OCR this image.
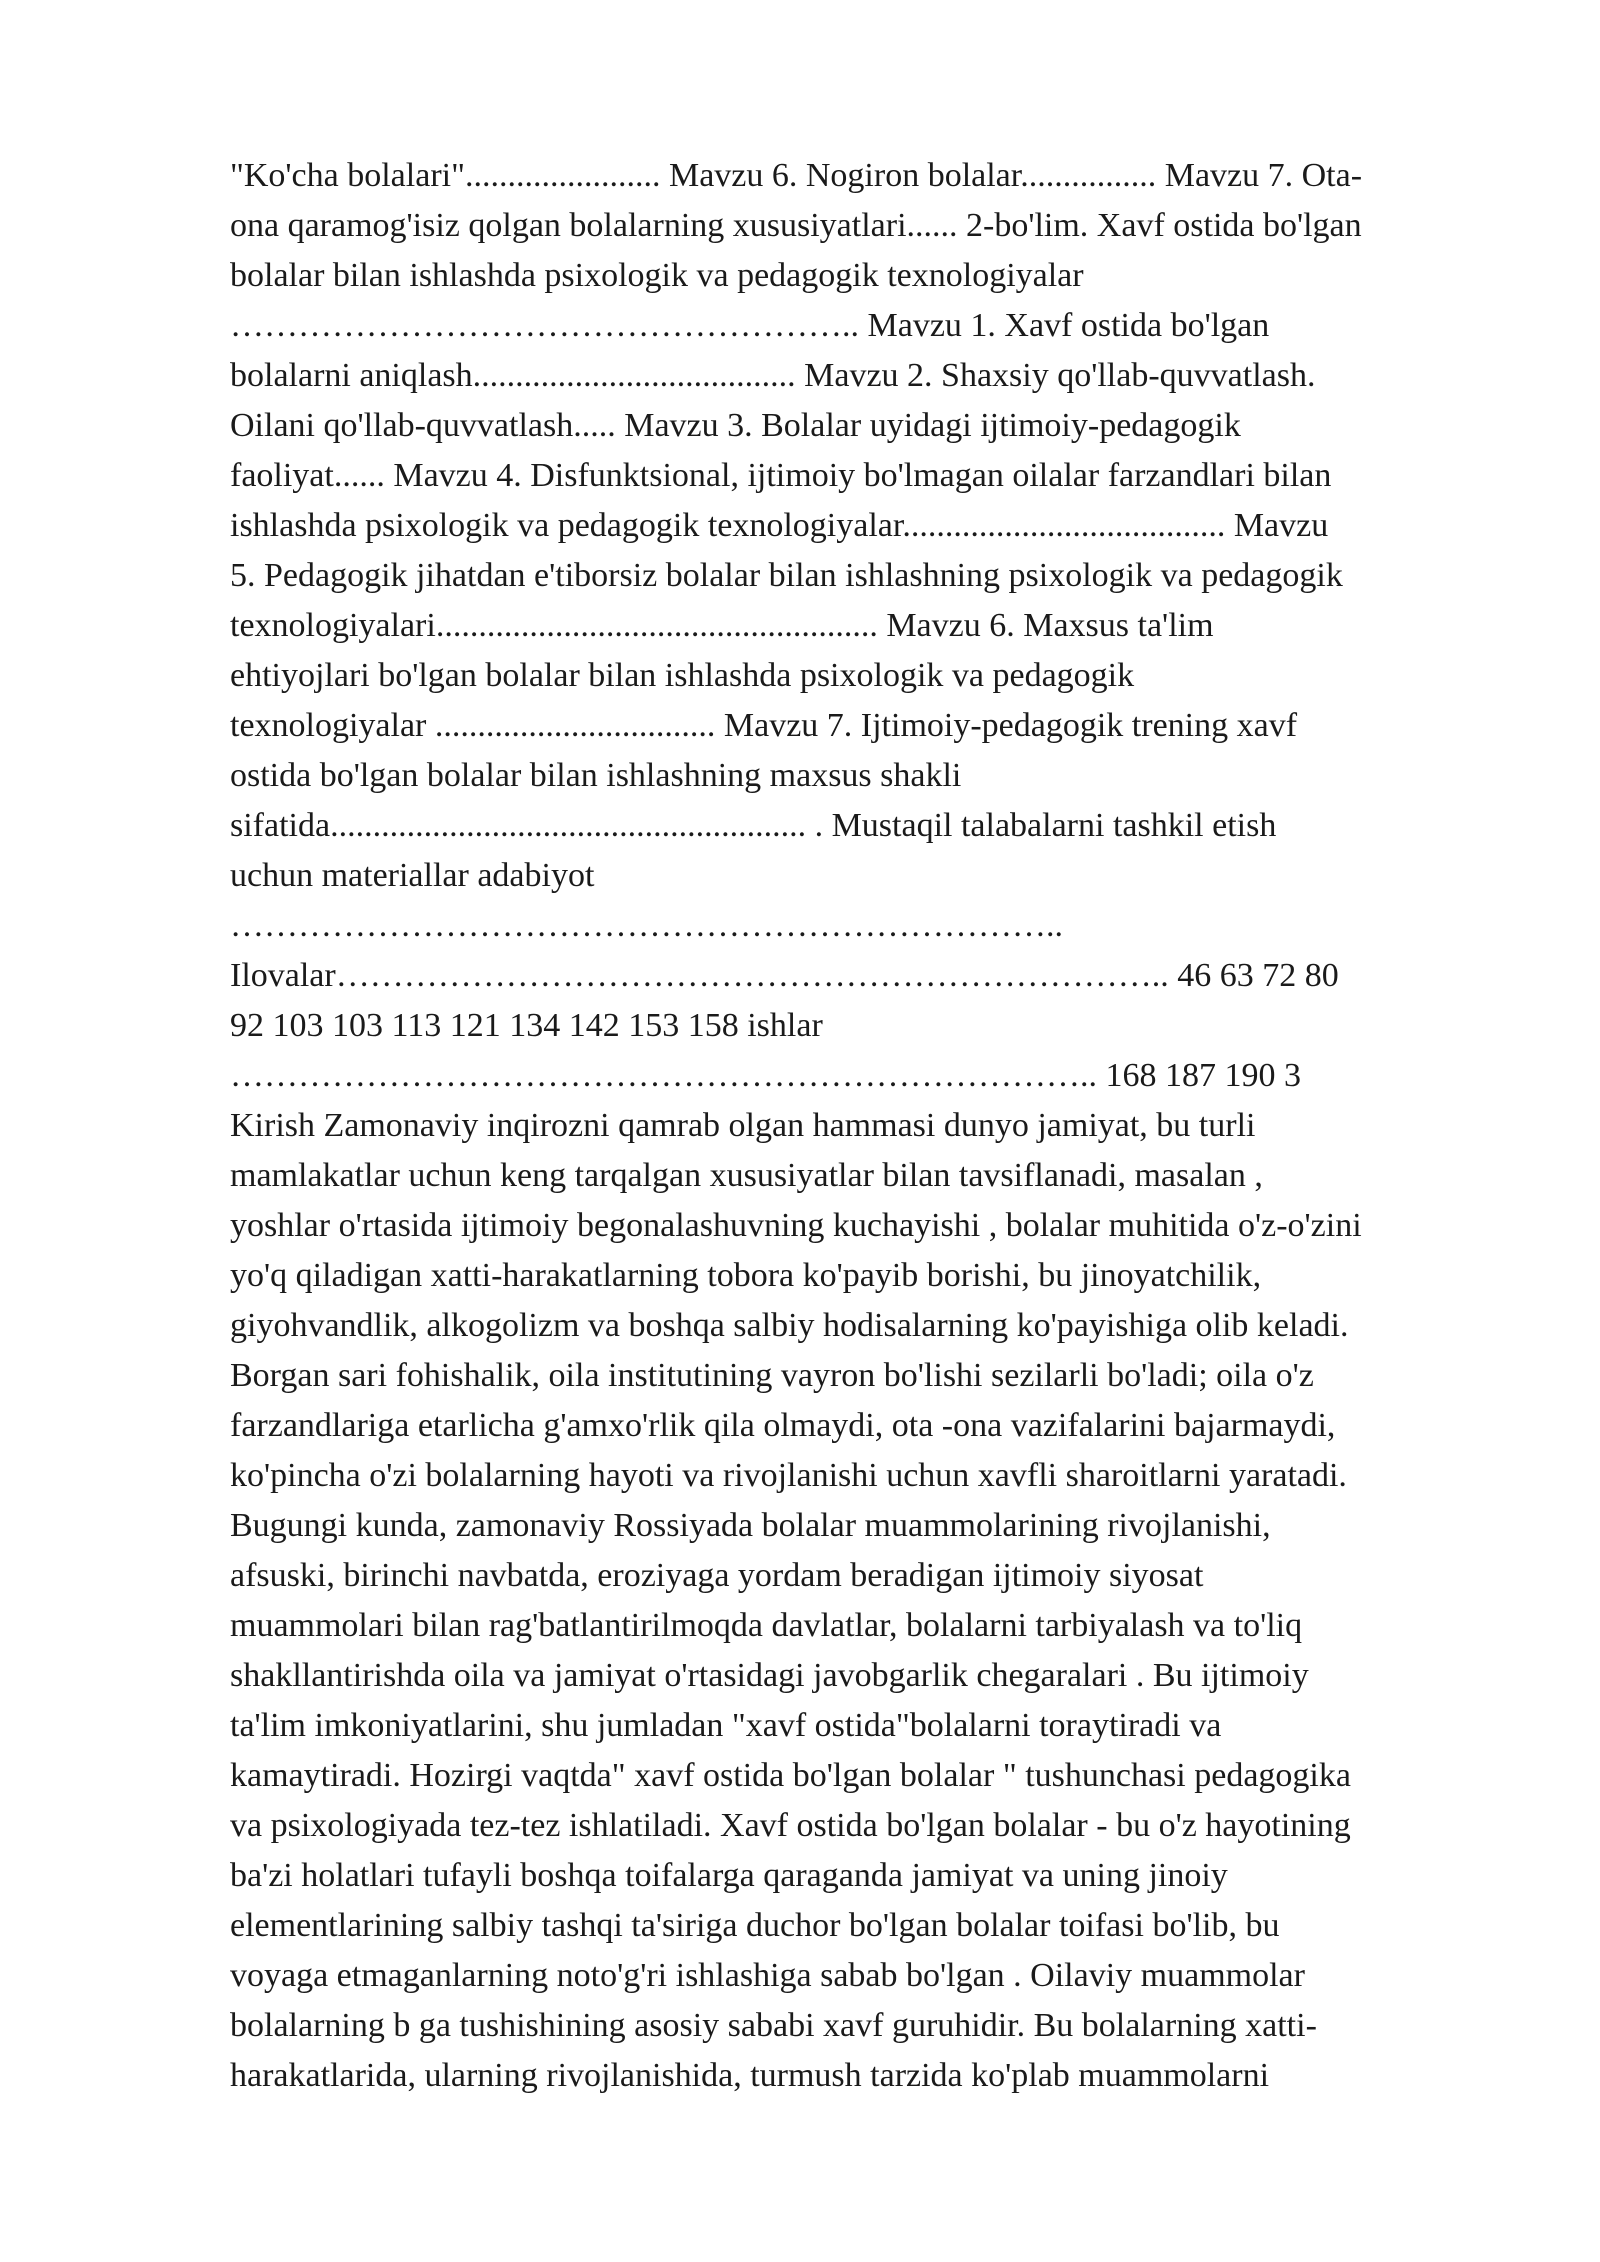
"Ko'cha bolalari"....................... Mavzu 6. Nogiron bolalar................ Mavzu 7. Ota-
ona qaramog'isiz qolgan bolalarning xususiyatlari...... 2-bo'lim. Xavf ostida bo'lgan
bolalar bilan ishlashda psixologik va pedagogik texnologiyalar
……………………………………………….. Mavzu 1. Xavf ostida bo'lgan
bolalarni aniqlash...................................... Mavzu 2. Shaxsiy qo'llab-quvvatlash.
Oilani qo'llab-quvvatlash..... Mavzu 3. Bolalar uyidagi ijtimoiy-pedagogik
faoliyat...... Mavzu 4. Disfunktsional, ijtimoiy bo'lmagan oilalar farzandlari bilan
ishlashda psixologik va pedagogik texnologiyalar...................................... Mavzu
5. Pedagogik jihatdan e'tiborsiz bolalar bilan ishlashning psixologik va pedagogik
texnologiyalari.................................................... Mavzu 6. Maxsus ta'lim
ehtiyojlari bo'lgan bolalar bilan ishlashda psixologik va pedagogik
texnologiyalar ................................. Mavzu 7. Ijtimoiy-pedagogik trening xavf
ostida bo'lgan bolalar bilan ishlashning maxsus shakli
sifatida........................................................ . Mustaqil talabalarni tashkil etish
uchun materiallar adabiyot
………………………………………………………………..
Ilovalar……………………………………………………………….. 46 63 72 80
92 103 103 113 121 134 142 153 158 ishlar
………………………………………………………………….. 168 187 190 3
Kirish Zamonaviy inqirozni qamrab olgan hammasi dunyo jamiyat, bu turli
mamlakatlar uchun keng tarqalgan xususiyatlar bilan tavsiflanadi, masalan ,
yoshlar o'rtasida ijtimoiy begonalashuvning kuchayishi , bolalar muhitida o'z-o'zini
yo'q qiladigan xatti-harakatlarning tobora ko'payib borishi, bu jinoyatchilik,
giyohvandlik, alkogolizm va boshqa salbiy hodisalarning ko'payishiga olib keladi.
Borgan sari fohishalik, oila institutining vayron bo'lishi sezilarli bo'ladi; oila o'z
farzandlariga etarlicha g'amxo'rlik qila olmaydi, ota -ona vazifalarini bajarmaydi,
ko'pincha o'zi bolalarning hayoti va rivojlanishi uchun xavfli sharoitlarni yaratadi.
Bugungi kunda, zamonaviy Rossiyada bolalar muammolarining rivojlanishi,
afsuski, birinchi navbatda, eroziyaga yordam beradigan ijtimoiy siyosat
muammolari bilan rag'batlantirilmoqda davlatlar, bolalarni tarbiyalash va to'liq
shakllantirishda oila va jamiyat o'rtasidagi javobgarlik chegaralari . Bu ijtimoiy
ta'lim imkoniyatlarini, shu jumladan "xavf ostida"bolalarni toraytiradi va
kamaytiradi. Hozirgi vaqtda" xavf ostida bo'lgan bolalar " tushunchasi pedagogika
va psixologiyada tez-tez ishlatiladi. Xavf ostida bo'lgan bolalar - bu o'z hayotining
ba'zi holatlari tufayli boshqa toifalarga qaraganda jamiyat va uning jinoiy
elementlarining salbiy tashqi ta'siriga duchor bo'lgan bolalar toifasi bo'lib, bu
voyaga etmaganlarning noto'g'ri ishlashiga sabab bo'lgan . Oilaviy muammolar
bolalarning b ga tushishining asosiy sababi xavf guruhidir. Bu bolalarning xatti-
harakatlarida, ularning rivojlanishida, turmush tarzida ko'plab muammolarni
